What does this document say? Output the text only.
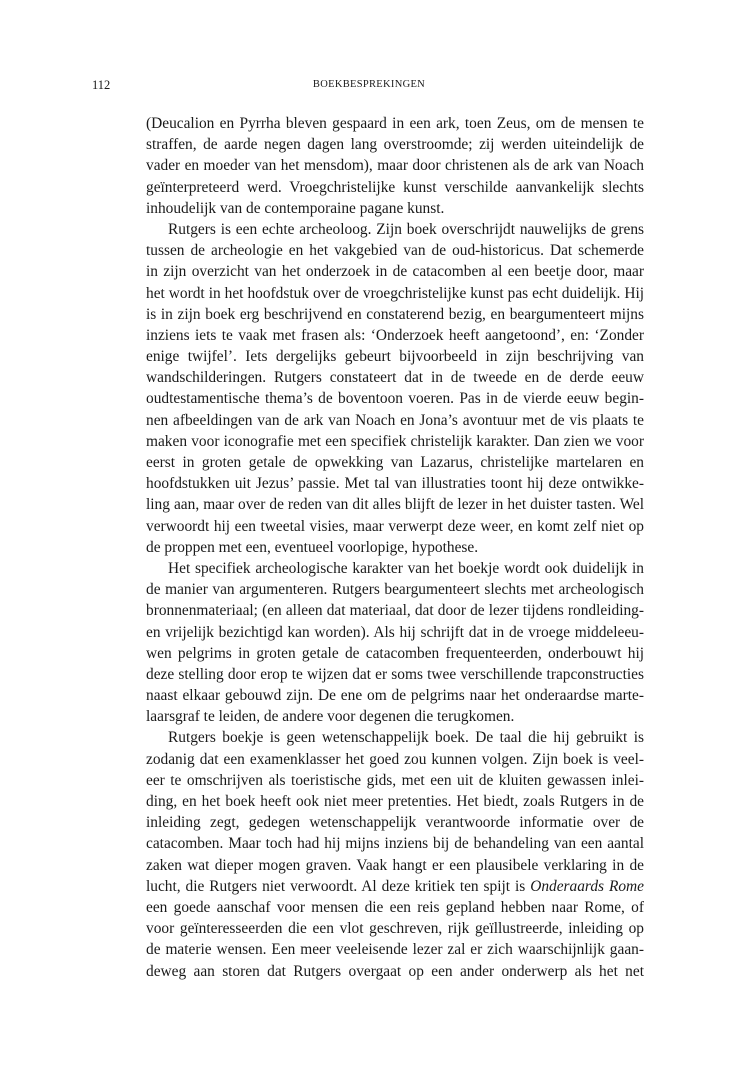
112	BOEKBESPREKINGEN
(Deucalion en Pyrrha bleven gespaard in een ark, toen Zeus, om de mensen te
straffen, de aarde negen dagen lang overstroomde; zij werden uiteindelijk de
vader en moeder van het mensdom), maar door christenen als de ark van Noach
geïnterpreteerd werd. Vroegchristelijke kunst verschilde aanvankelijk slechts
inhoudelijk van de contemporaine pagane kunst.
Rutgers is een echte archeoloog. Zijn boek overschrijdt nauwelijks de grens
tussen de archeologie en het vakgebied van de oud-historicus. Dat schemerde
in zijn overzicht van het onderzoek in de catacomben al een beetje door, maar
het wordt in het hoofdstuk over de vroegchristelijke kunst pas echt duidelijk. Hij
is in zijn boek erg beschrijvend en constaterend bezig, en beargumenteert mijns
inziens iets te vaak met frasen als: ‘Onderzoek heeft aangetoond’, en: ‘Zonder
enige twijfel’. Iets dergelijks gebeurt bijvoorbeeld in zijn beschrijving van
wandschilderingen. Rutgers constateert dat in de tweede en de derde eeuw
oudtestamentische thema’s de boventoon voeren. Pas in de vierde eeuw begin-
nen afbeeldingen van de ark van Noach en Jona’s avontuur met de vis plaats te
maken voor iconografie met een specifiek christelijk karakter. Dan zien we voor
eerst in groten getale de opwekking van Lazarus, christelijke martelaren en
hoofdstukken uit Jezus’ passie. Met tal van illustraties toont hij deze ontwikke-
ling aan, maar over de reden van dit alles blijft de lezer in het duister tasten. Wel
verwoordt hij een tweetal visies, maar verwerpt deze weer, en komt zelf niet op
de proppen met een, eventueel voorlopige, hypothese.
Het specifiek archeologische karakter van het boekje wordt ook duidelijk in
de manier van argumenteren. Rutgers beargumenteert slechts met archeologisch
bronnenmateriaal; (en alleen dat materiaal, dat door de lezer tijdens rondleiding-
en vrijelijk bezichtigd kan worden). Als hij schrijft dat in de vroege middeleeu-
wen pelgrims in groten getale de catacomben frequenteerden, onderbouwt hij
deze stelling door erop te wijzen dat er soms twee verschillende trapconstructies
naast elkaar gebouwd zijn. De ene om de pelgrims naar het onderaardse marte-
laarsgraf te leiden, de andere voor degenen die terugkomen.
Rutgers boekje is geen wetenschappelijk boek. De taal die hij gebruikt is
zodanig dat een examenklasser het goed zou kunnen volgen. Zijn boek is veel-
eer te omschrijven als toeristische gids, met een uit de kluiten gewassen inlei-
ding, en het boek heeft ook niet meer pretenties. Het biedt, zoals Rutgers in de
inleiding zegt, gedegen wetenschappelijk verantwoorde informatie over de
catacomben. Maar toch had hij mijns inziens bij de behandeling van een aantal
zaken wat dieper mogen graven. Vaak hangt er een plausibele verklaring in de
lucht, die Rutgers niet verwoordt. Al deze kritiek ten spijt is Onderaards Rome
een goede aanschaf voor mensen die een reis gepland hebben naar Rome, of
voor geïnteresseerden die een vlot geschreven, rijk geïllustreerde, inleiding op
de materie wensen. Een meer veeleisende lezer zal er zich waarschijnlijk gaan-
deweg aan storen dat Rutgers overgaat op een ander onderwerp als het net
